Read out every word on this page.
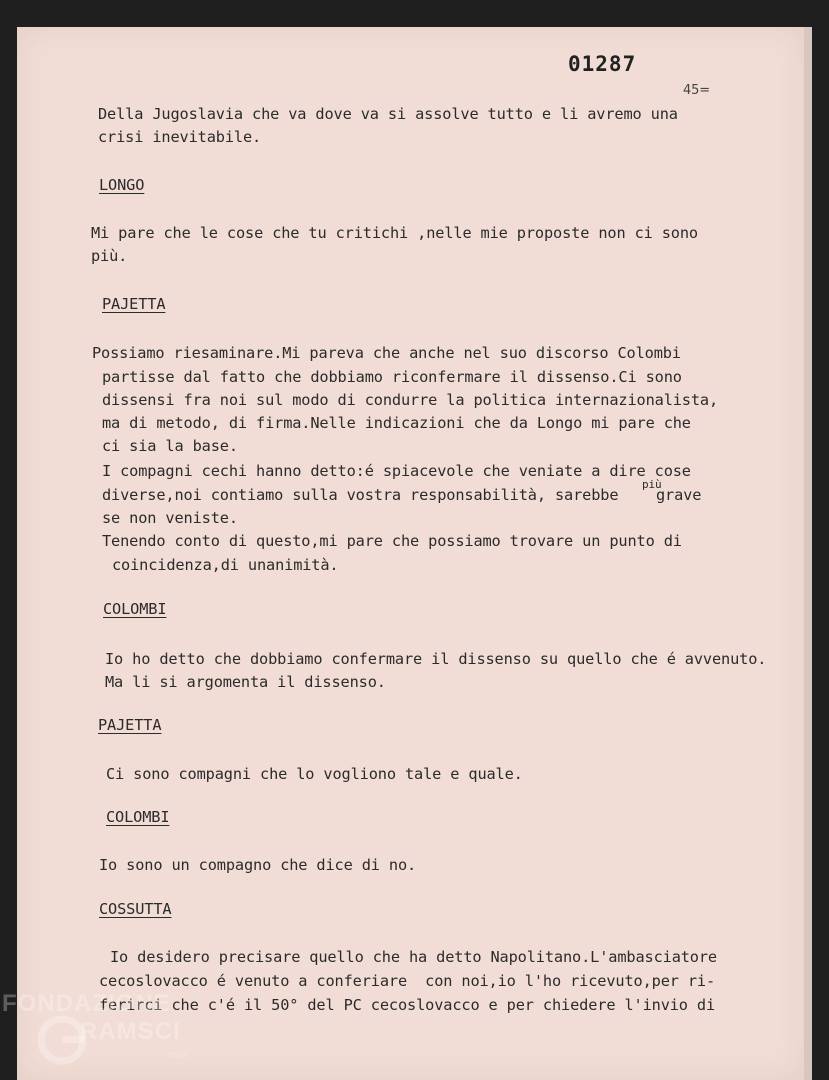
01287
45=
Della Jugoslavia che va dove va si assolve tutto e li avremo una
crisi inevitabile.
LONGO
Mi pare che le cose che tu critichi ,nelle mie proposte non ci sono
più.
PAJETTA
Possiamo riesaminare.Mi pareva che anche nel suo discorso Colombi
partisse dal fatto che dobbiamo riconfermare il dissenso.Ci sono
dissensi fra noi sul modo di condurre la politica internazionalista,
ma di metodo, di firma.Nelle indicazioni che da Longo mi pare che
ci sia la base.
I compagni cechi hanno detto:é spiacevole che veniate a dire cose
diverse,noi contiamo sulla vostra responsabilità, sarebbe
più
grave
se non veniste.
Tenendo conto di questo,mi pare che possiamo trovare un punto di
coincidenza,di unanimità.
COLOMBI
Io ho detto che dobbiamo confermare il dissenso su quello che é avvenuto.
Ma li si argomenta il dissenso.
PAJETTA
Ci sono compagni che lo vogliono tale e quale.
COLOMBI
Io sono un compagno che dice di no.
COSSUTTA
Io desidero precisare quello che ha detto Napolitano.L'ambasciatore
cecoslovacco é venuto a conferiare  con noi,io l'ho ricevuto,per ri-
ferirci che c'é il 50° del PC cecoslovacco e per chiedere l'invio di
FONDAZIONE
RAMSCI
onlus
